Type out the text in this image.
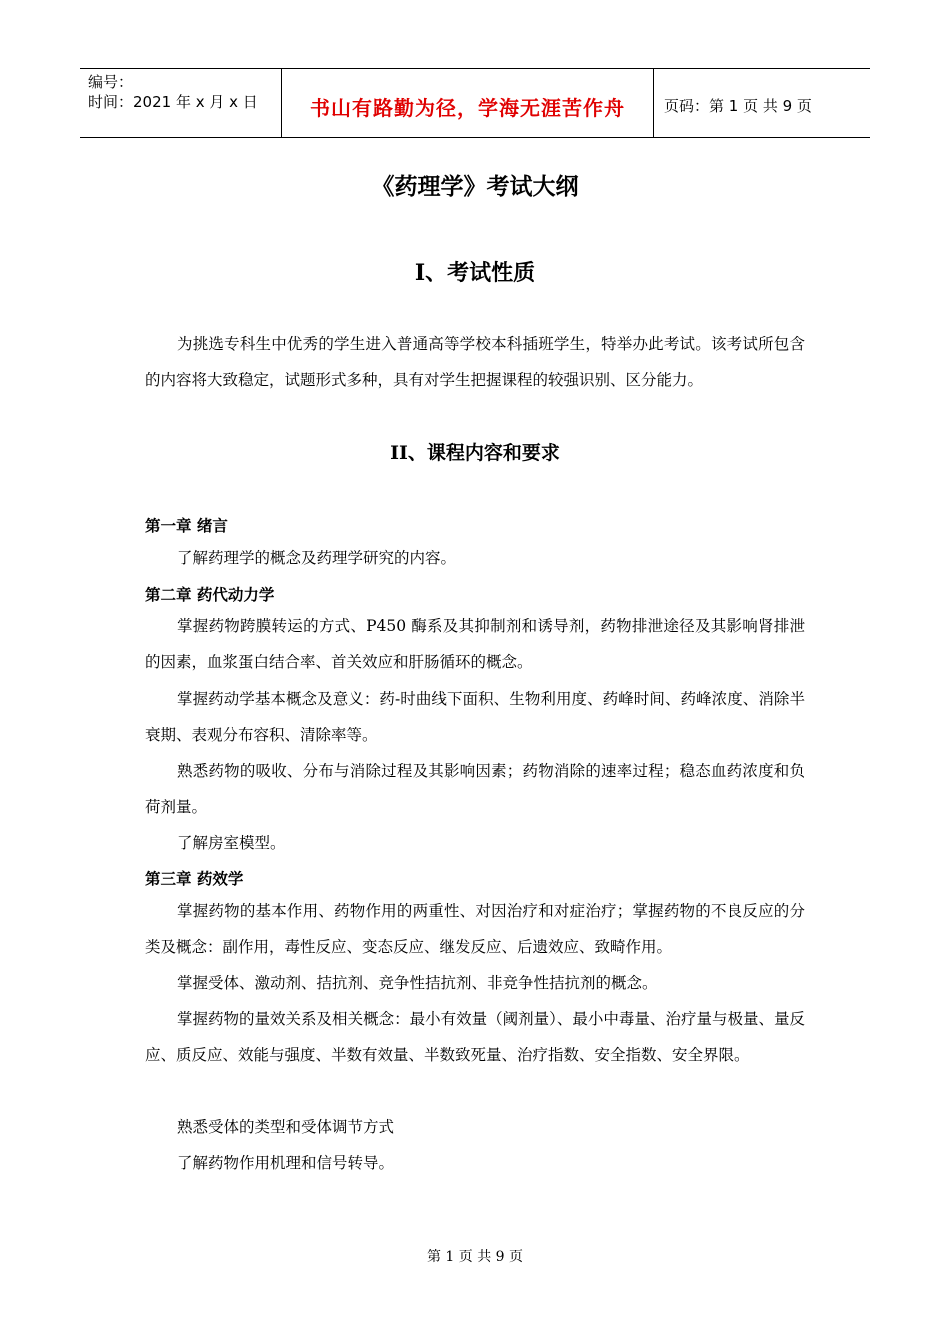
编号：
时间：2021 年 x 月 x 日	书山有路勤为径，学海无涯苦作舟	页码：第 1 页 共 9 页
《药理学》考试大纲
I、考试性质

为挑选专科生中优秀的学生进入普通高等学校本科插班学生，特举办此考试。该考试所包含的内容将大致稳定，试题形式多种，具有对学生把握课程的较强识别、区分能力。

II、课程内容和要求

第一章 绪言

了解药理学的概念及药理学研究的内容。

第二章 药代动力学

掌握药物跨膜转运的方式、P450 酶系及其抑制剂和诱导剂，药物排泄途径及其影响肾排泄的因素，血浆蛋白结合率、首关效应和肝肠循环的概念。

掌握药动学基本概念及意义：药-时曲线下面积、生物利用度、药峰时间、药峰浓度、消除半衰期、表观分布容积、清除率等。

熟悉药物的吸收、分布与消除过程及其影响因素；药物消除的速率过程；稳态血药浓度和负荷剂量。

了解房室模型。

第三章 药效学

掌握药物的基本作用、药物作用的两重性、对因治疗和对症治疗；掌握药物的不良反应的分类及概念：副作用，毒性反应、变态反应、继发反应、后遗效应、致畸作用。

掌握受体、激动剂、拮抗剂、竞争性拮抗剂、非竞争性拮抗剂的概念。

掌握药物的量效关系及相关概念：最小有效量（阈剂量）、最小中毒量、治疗量与极量、量反应、质反应、效能与强度、半数有效量、半数致死量、治疗指数、安全指数、安全界限。

熟悉受体的类型和受体调节方式

了解药物作用机理和信号转导。

第 1 页 共 9 页
